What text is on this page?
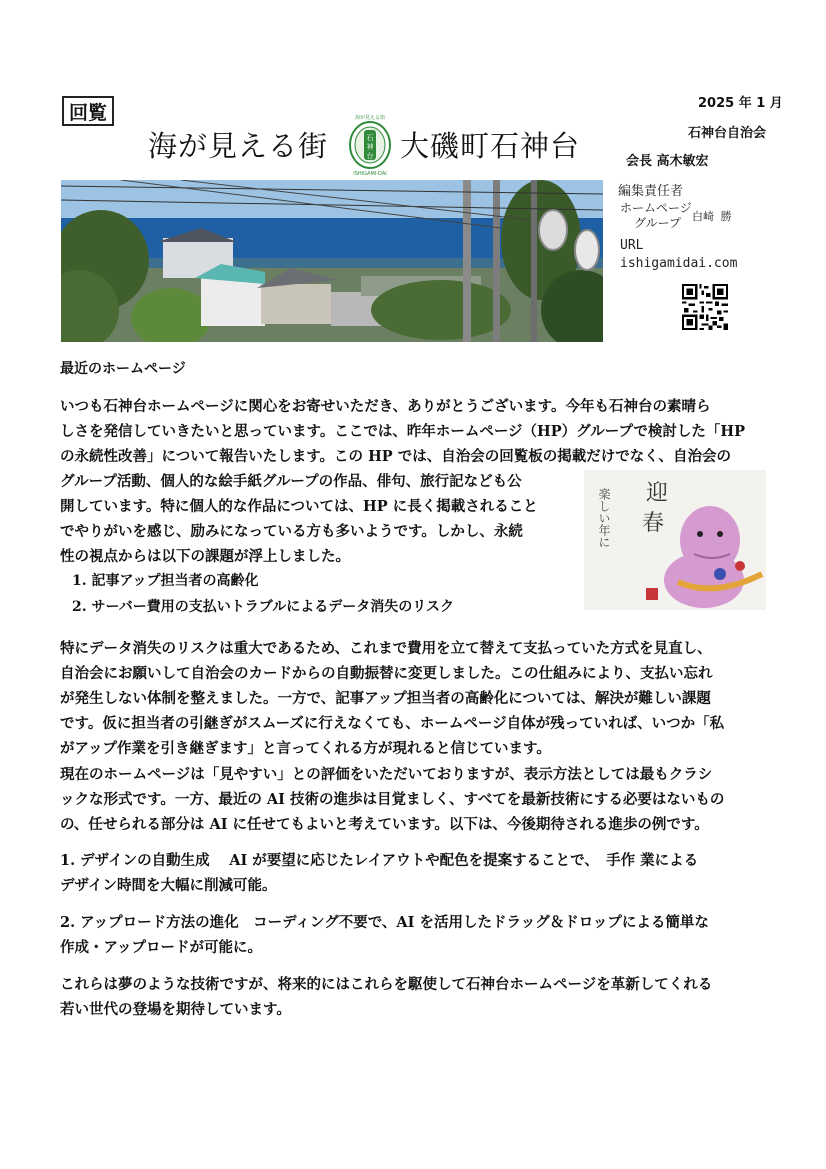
回覧
海が見える街
海が見える街
石
神
台
ISHIGAMI-DAI
大磯町石神台
2025 年 1 月
石神台自治会
会長 高木敏宏
編集責任者
ホームページ
グループ 白崎 勝
URL
ishigamidai.com
最近のホームページ

いつも石神台ホームページに関心をお寄せいただき、ありがとうございます。今年も石神台の素晴ら

しさを発信していきたいと思っています。ここでは、昨年ホームページ（HP）グループで検討した「HP

の永続性改善」について報告いたします。この HP では、自治会の回覧板の掲載だけでなく、自治会の

グループ活動、個人的な絵手紙グループの作品、俳句、旅行記なども公

開しています。特に個人的な作品については、HP に長く掲載されること

でやりがいを感じ、励みになっている方も多いようです。しかし、永続

性の視点からは以下の課題が浮上しました。

1. 記事アップ担当者の高齢化
2. サーバー費用の支払いトラブルによるデータ消失のリスク
迎
春
楽しい年に

特にデータ消失のリスクは重大であるため、これまで費用を立て替えて支払っていた方式を見直し、

自治会にお願いして自治会のカードからの自動振替に変更しました。この仕組みにより、支払い忘れ

が発生しない体制を整えました。一方で、記事アップ担当者の高齢化については、解決が難しい課題

です。仮に担当者の引継ぎがスムーズに行えなくても、ホームページ自体が残っていれば、いつか「私

がアップ作業を引き継ぎます」と言ってくれる方が現れると信じています。

現在のホームページは「見やすい」との評価をいただいておりますが、表示方法としては最もクラシ

ックな形式です。一方、最近の AI 技術の進歩は目覚ましく、すべてを最新技術にする必要はないもの

の、任せられる部分は AI に任せてもよいと考えています。以下は、今後期待される進歩の例です。

1. デザインの自動生成　 AI が要望に応じたレイアウトや配色を提案することで、　手作 業による

デザイン時間を大幅に削減可能。

2. アップロード方法の進化　コーディング不要で、AI を活用したドラッグ＆ドロップによる簡単な

作成・アップロードが可能に。

これらは夢のような技術ですが、将来的にはこれらを駆使して石神台ホームページを革新してくれる

若い世代の登場を期待しています。
